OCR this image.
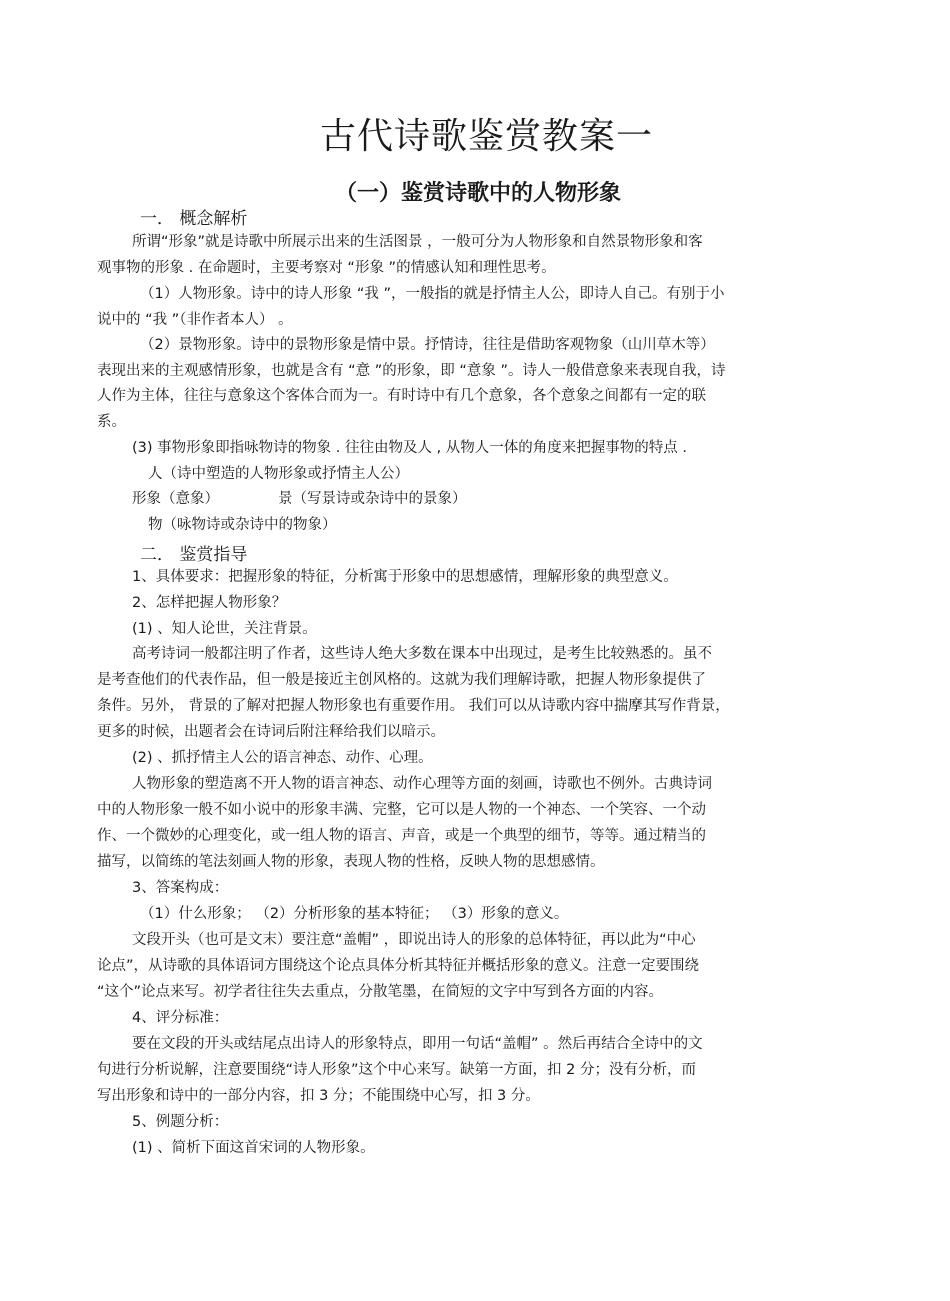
古代诗歌鉴赏教案一
（一）鉴赏诗歌中的人物形象
一． 概念解析
所谓“形象”就是诗歌中所展示出来的生活图景 ，一般可分为人物形象和自然景物形象和客
观事物的形象 . 在命题时，主要考察对 “形象 ”的情感认知和理性思考。
（1）人物形象。诗中的诗人形象 “我 ”，一般指的就是抒情主人公，即诗人自己。有别于小
说中的 “我 ”（非作者本人） 。
（2）景物形象。诗中的景物形象是情中景。抒情诗，往往是借助客观物象（山川草木等）
表现出来的主观感情形象，也就是含有 “意 ”的形象，即 “意象 ”。诗人一般借意象来表现自我，诗
人作为主体，往往与意象这个客体合而为一。有时诗中有几个意象，各个意象之间都有一定的联
系。
(3) 事物形象即指咏物诗的物象 . 往往由物及人 , 从物人一体的角度来把握事物的特点 .
人（诗中塑造的人物形象或抒情主人公）
形象（意象）	景（写景诗或杂诗中的景象）
物（咏物诗或杂诗中的物象）
二． 鉴赏指导
1、具体要求：把握形象的特征，分析寓于形象中的思想感情，理解形象的典型意义。
2、怎样把握人物形象？
(1) 、知人论世，关注背景。
高考诗词一般都注明了作者，这些诗人绝大多数在课本中出现过，是考生比较熟悉的。虽不
是考查他们的代表作品，但一般是接近主创风格的。这就为我们理解诗歌，把握人物形象提供了
条件。另外， 背景的了解对把握人物形象也有重要作用。 我们可以从诗歌内容中揣摩其写作背景，
更多的时候，出题者会在诗词后附注释给我们以暗示。
(2) 、抓抒情主人公的语言神态、动作、心理。
人物形象的塑造离不开人物的语言神态、动作心理等方面的刻画，诗歌也不例外。古典诗词
中的人物形象一般不如小说中的形象丰满、完整，它可以是人物的一个神态、一个笑容、一个动
作、一个微妙的心理变化，或一组人物的语言、声音，或是一个典型的细节，等等。通过精当的
描写，以简练的笔法刻画人物的形象，表现人物的性格，反映人物的思想感情。
3、答案构成：
（1）什么形象； （2）分析形象的基本特征； （3）形象的意义。
文段开头（也可是文末）要注意“盖帽” ，即说出诗人的形象的总体特征，再以此为“中心
论点”，从诗歌的具体语词方围绕这个论点具体分析其特征并概括形象的意义。注意一定要围绕
“这个”论点来写。初学者往往失去重点，分散笔墨，在简短的文字中写到各方面的内容。
4、评分标准：
要在文段的开头或结尾点出诗人的形象特点，即用一句话“盖帽” 。然后再结合全诗中的文
句进行分析说解，注意要围绕“诗人形象”这个中心来写。缺第一方面，扣 2 分；没有分析，而
写出形象和诗中的一部分内容，扣 3 分；不能围绕中心写，扣 3 分。
5、例题分析：
(1) 、简析下面这首宋词的人物形象。
